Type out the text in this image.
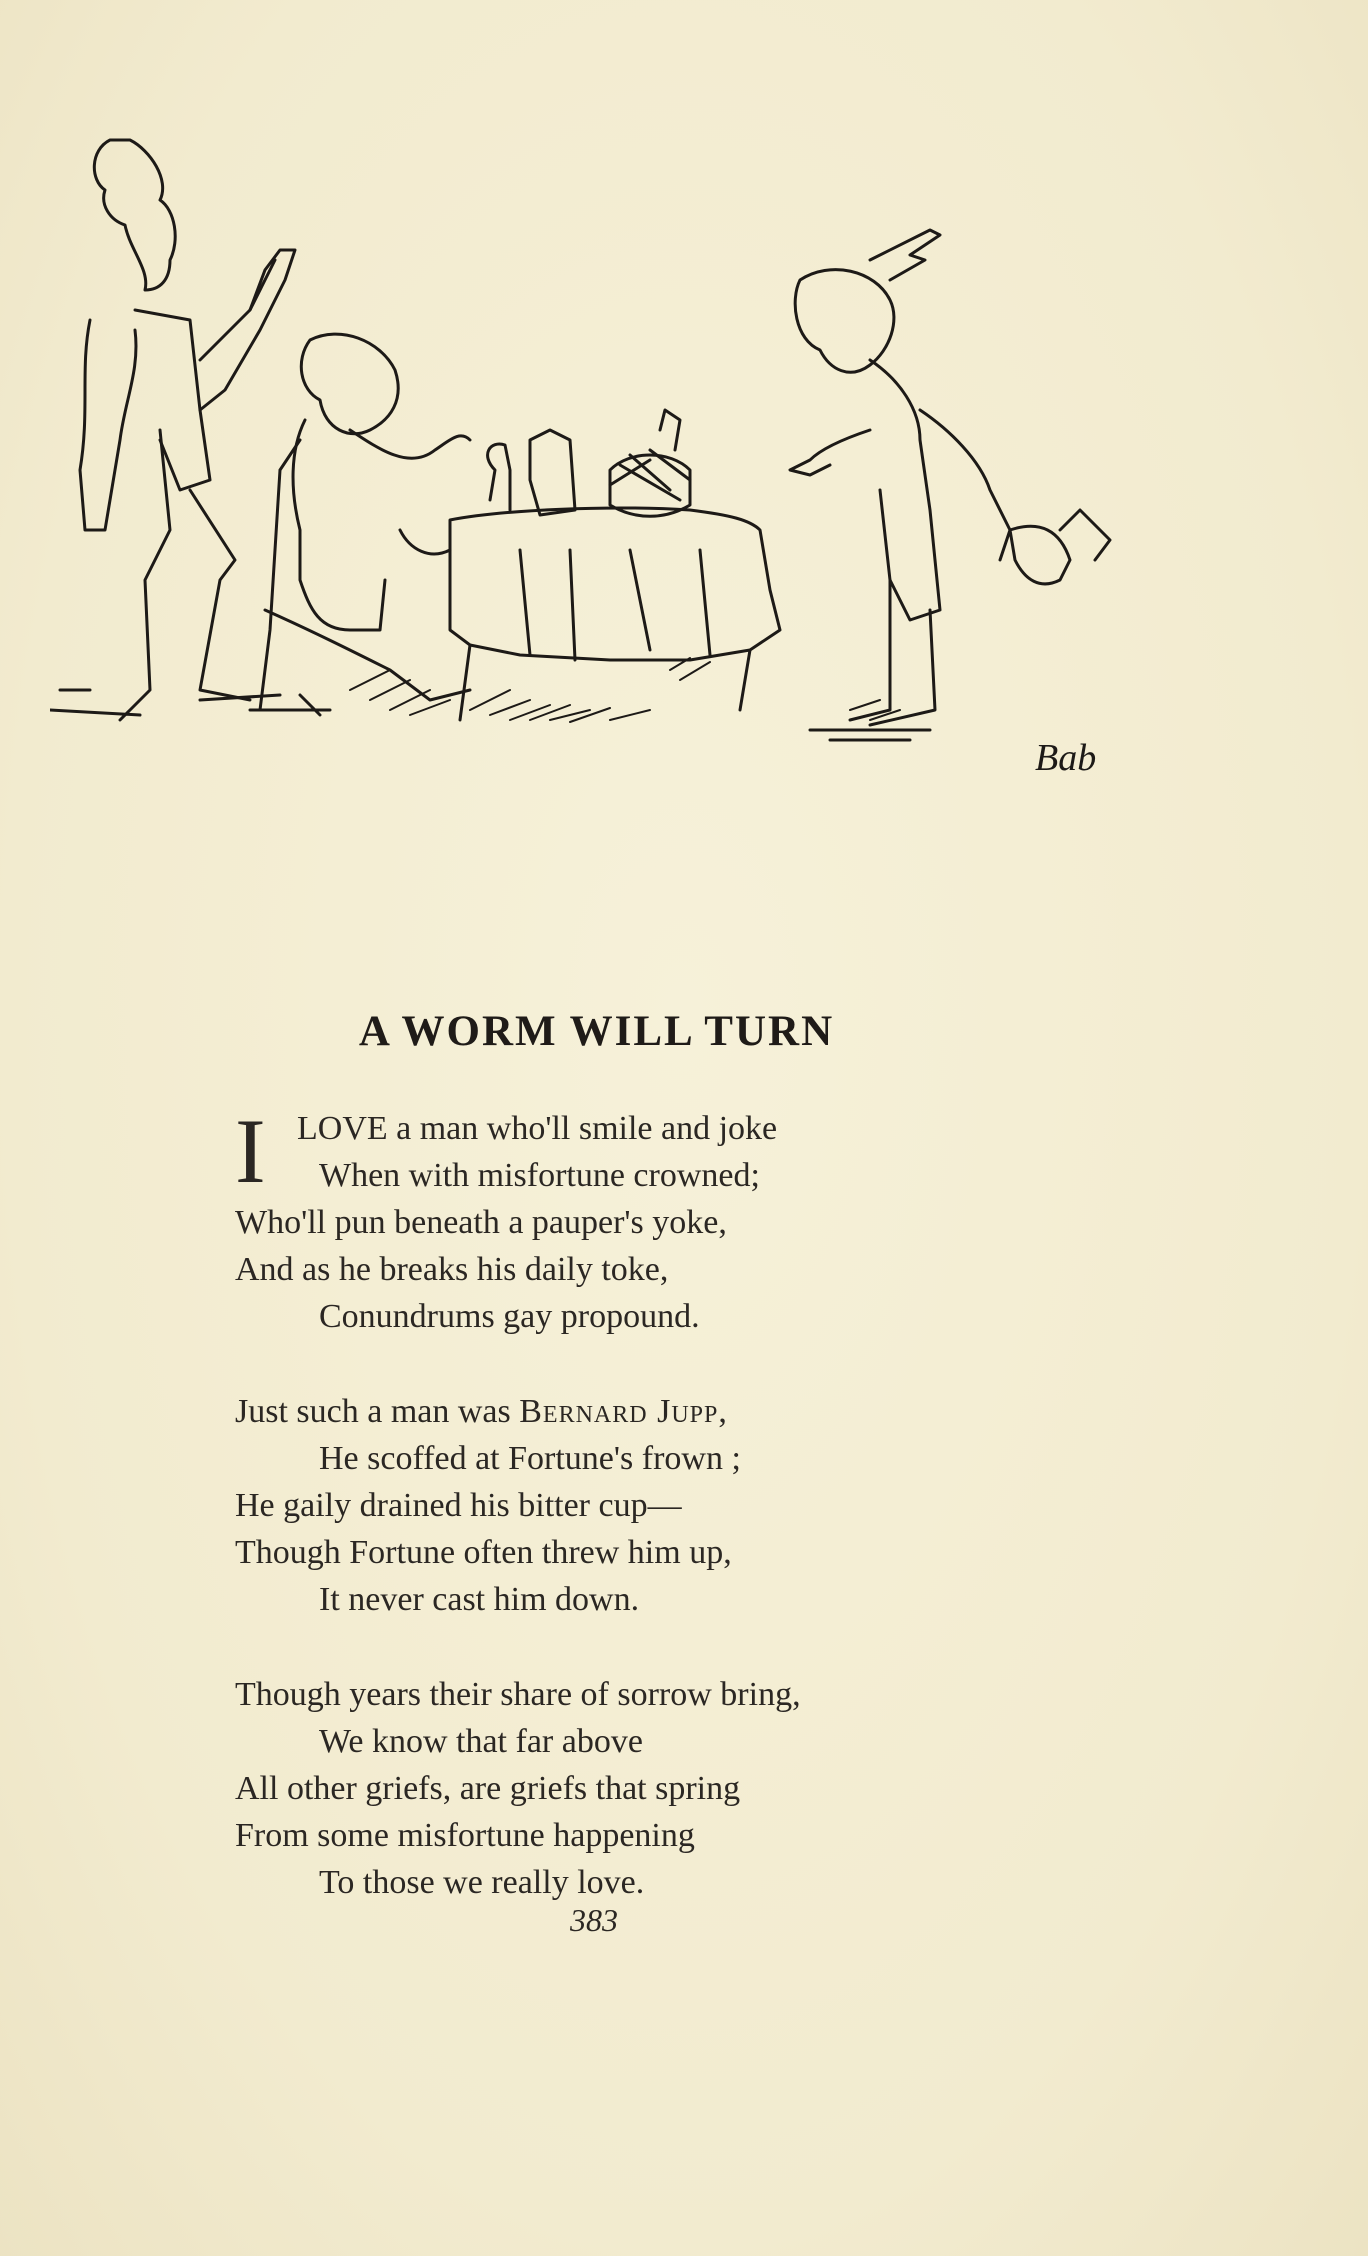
Bab
A WORM WILL TURN
I LOVE a man who'll smile and joke
When with misfortune crowned;
Who'll pun beneath a pauper's yoke,
And as he breaks his daily toke,
Conundrums gay propound.
Just such a man was Bernard Jupp,
He scoffed at Fortune's frown ;
He gaily drained his bitter cup—
Though Fortune often threw him up,
It never cast him down.
Though years their share of sorrow bring,
We know that far above
All other griefs, are griefs that spring
From some misfortune happening
To those we really love.
383
